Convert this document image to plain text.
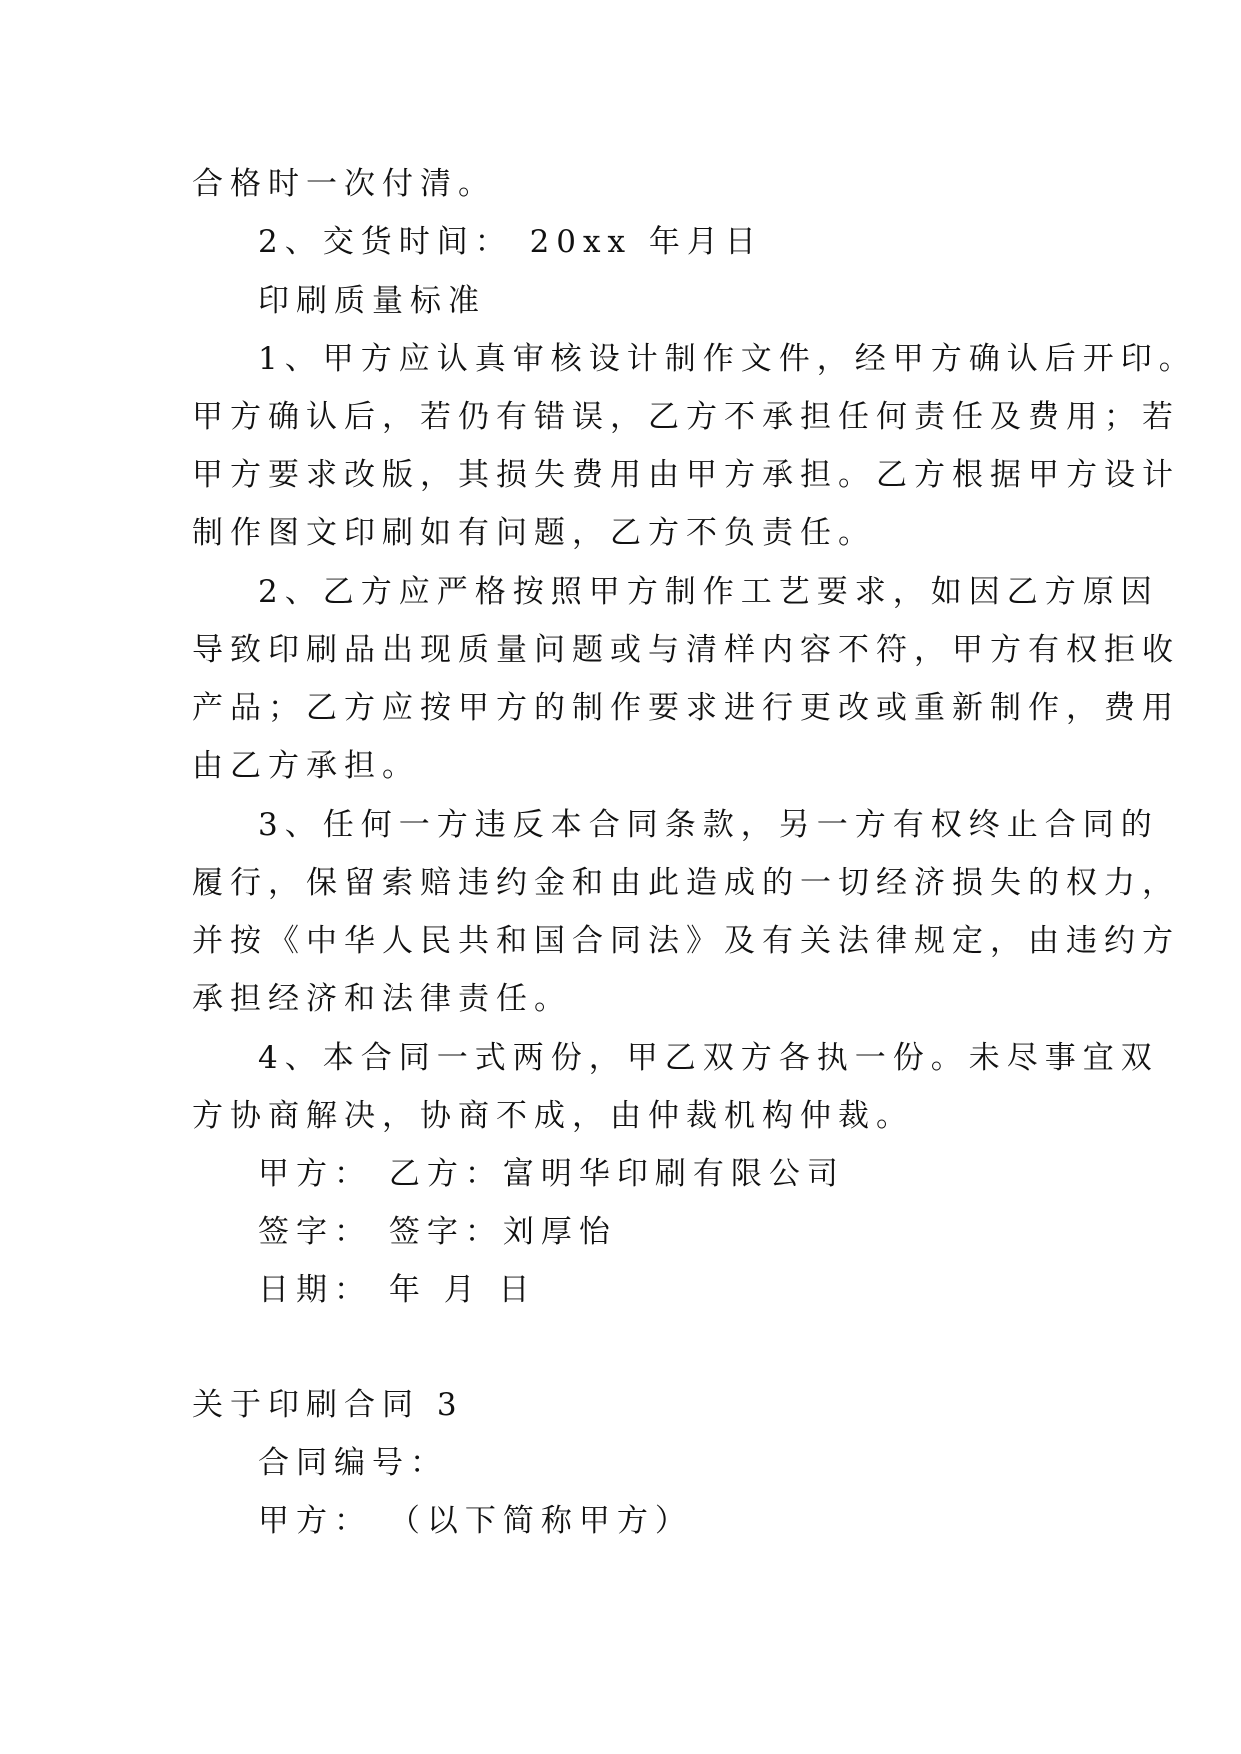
合格时一次付清。
2、交货时间： 20xx 年月日
印刷质量标准
1、甲方应认真审核设计制作文件，经甲方确认后开印。
甲方确认后，若仍有错误，乙方不承担任何责任及费用；若
甲方要求改版，其损失费用由甲方承担。乙方根据甲方设计
制作图文印刷如有问题，乙方不负责任。
2、乙方应严格按照甲方制作工艺要求，如因乙方原因
导致印刷品出现质量问题或与清样内容不符，甲方有权拒收
产品；乙方应按甲方的制作要求进行更改或重新制作，费用
由乙方承担。
3、任何一方违反本合同条款，另一方有权终止合同的
履行，保留索赔违约金和由此造成的一切经济损失的权力，
并按《中华人民共和国合同法》及有关法律规定，由违约方
承担经济和法律责任。
4、本合同一式两份，甲乙双方各执一份。未尽事宜双
方协商解决，协商不成，由仲裁机构仲裁。
甲方： 乙方：富明华印刷有限公司
签字： 签字：刘厚怡
日期： 年 月 日
关于印刷合同 3
合同编号：
甲方： （以下简称甲方）
